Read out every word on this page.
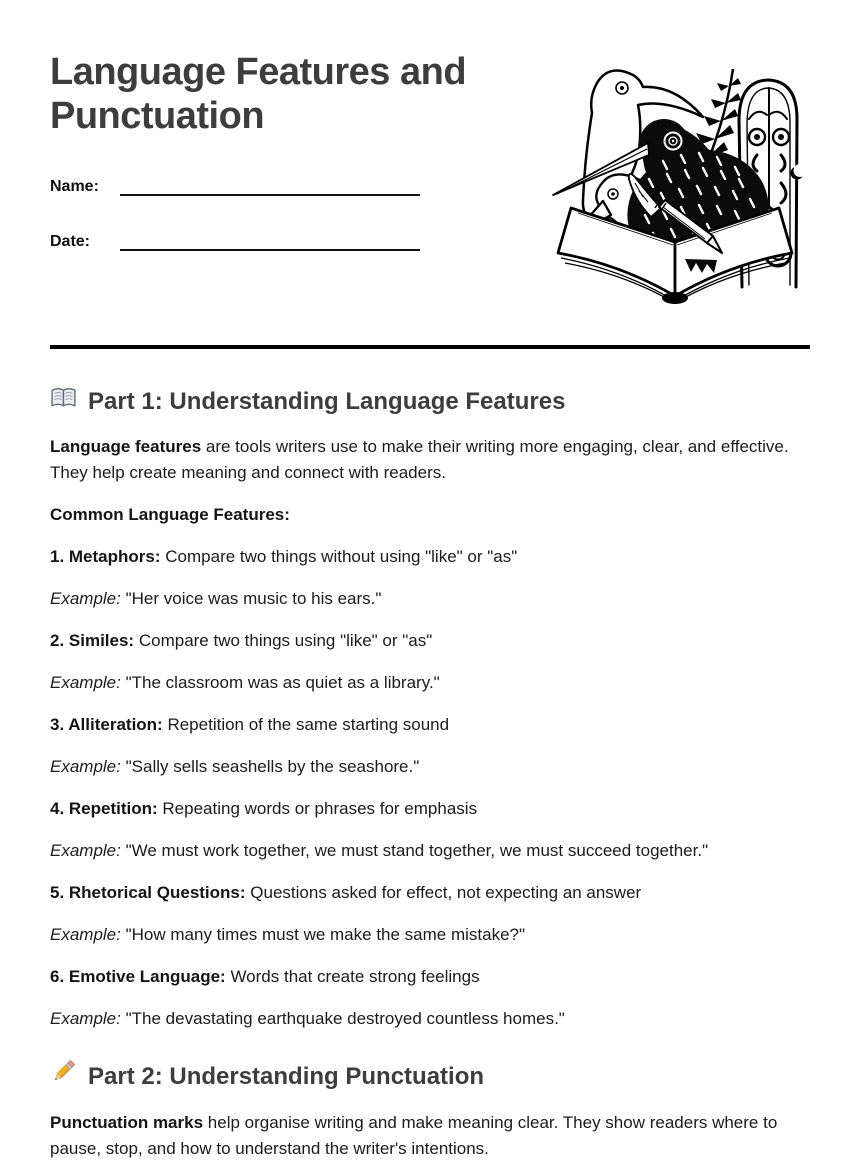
Language Features and Punctuation
Name:
Date:
Part 1: Understanding Language Features

Language features are tools writers use to make their writing more engaging, clear, and effective. They help create meaning and connect with readers.

Common Language Features:

1. Metaphors: Compare two things without using "like" or "as"

Example: "Her voice was music to his ears."

2. Similes: Compare two things using "like" or "as"

Example: "The classroom was as quiet as a library."

3. Alliteration: Repetition of the same starting sound

Example: "Sally sells seashells by the seashore."

4. Repetition: Repeating words or phrases for emphasis

Example: "We must work together, we must stand together, we must succeed together."

5. Rhetorical Questions: Questions asked for effect, not expecting an answer

Example: "How many times must we make the same mistake?"

6. Emotive Language: Words that create strong feelings

Example: "The devastating earthquake destroyed countless homes."

Part 2: Understanding Punctuation

Punctuation marks help organise writing and make meaning clear. They show readers where to pause, stop, and how to understand the writer's intentions.
